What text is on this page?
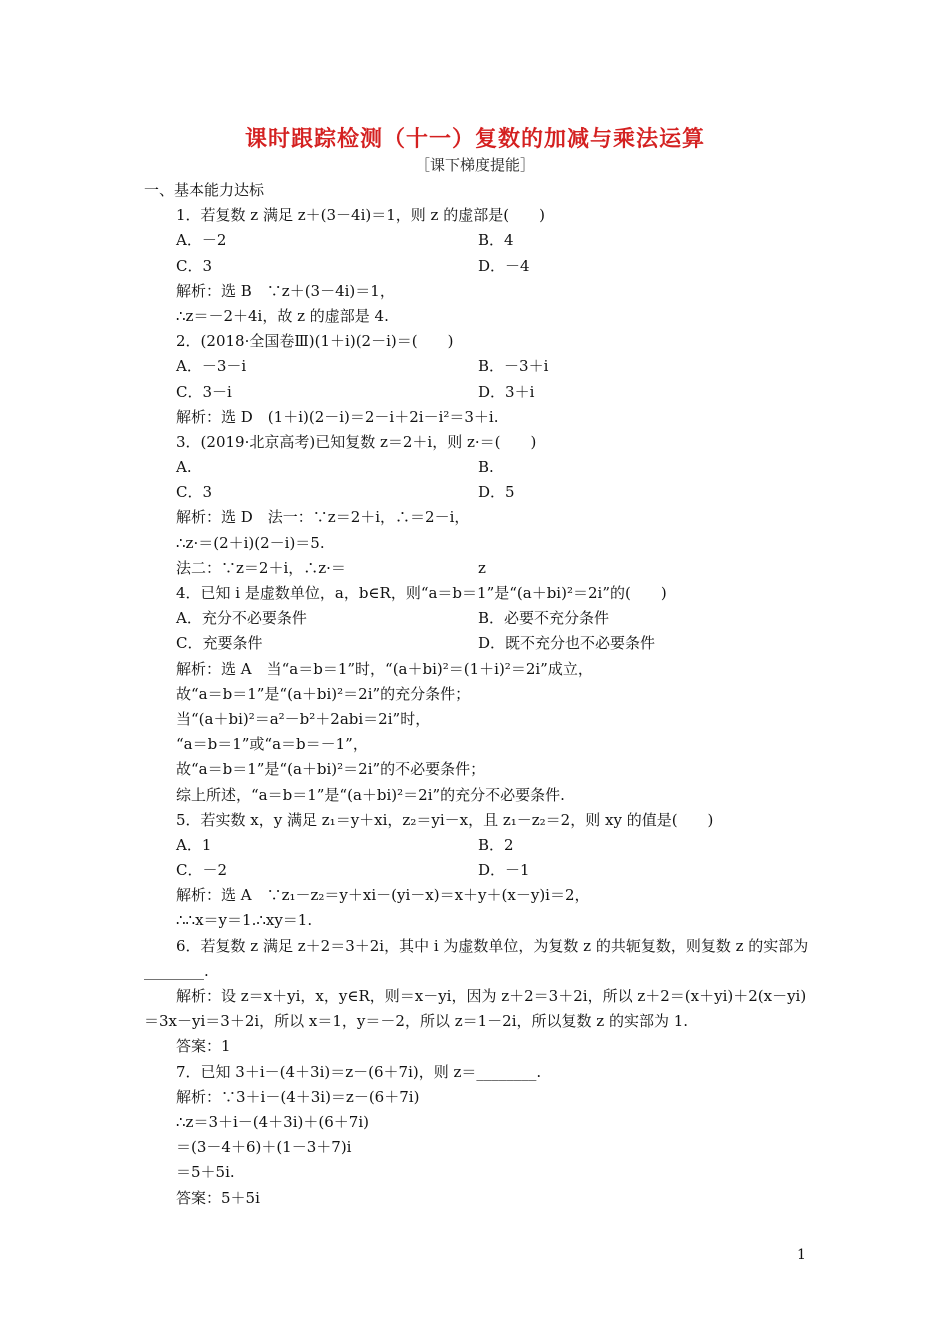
课时跟踪检测（十一）复数的加减与乘法运算
［课下梯度提能］
一、基本能力达标
1．若复数 z 满足 z＋(3－4i)＝1，则 z 的虚部是(　　)
A．－2	B．4
C．3	D．－4
解析：选 B　∵z＋(3－4i)＝1，
∴z＝－2＋4i，故 z 的虚部是 4.
2．(2018·全国卷Ⅲ)(1＋i)(2－i)＝(　　)
A．－3－i	B．－3＋i
C．3－i	D．3＋i
解析：选 D　(1＋i)(2－i)＝2－i＋2i－i²＝3＋i.
3．(2019·北京高考)已知复数 z＝2＋i，则 z·＝(　　)
A.	B.
C．3	D．5
解析：选 D　法一：∵z＝2＋i，∴＝2－i，
∴z·＝(2＋i)(2－i)＝5.
法二：∵z＝2＋i，∴z·＝	z
4．已知 i 是虚数单位，a，b∈R，则“a＝b＝1”是“(a＋bi)²＝2i”的(　　)
A．充分不必要条件	B．必要不充分条件
C．充要条件	D．既不充分也不必要条件
解析：选 A　当“a＝b＝1”时，“(a＋bi)²＝(1＋i)²＝2i”成立，
故“a＝b＝1”是“(a＋bi)²＝2i”的充分条件；
当“(a＋bi)²＝a²－b²＋2abi＝2i”时，
“a＝b＝1”或“a＝b＝－1”，
故“a＝b＝1”是“(a＋bi)²＝2i”的不必要条件；
综上所述，“a＝b＝1”是“(a＋bi)²＝2i”的充分不必要条件.
5．若实数 x，y 满足 z₁＝y＋xi，z₂＝yi－x，且 z₁－z₂＝2，则 xy 的值是(　　)
A．1	B．2
C．－2	D．－1
解析：选 A　∵z₁－z₂＝y＋xi－(yi－x)＝x＋y＋(x－y)i＝2，
∴∴x＝y＝1.∴xy＝1.
6．若复数 z 满足 z＋2＝3＋2i，其中 i 为虚数单位，为复数 z 的共轭复数，则复数 z 的实部为________.
解析：设 z＝x＋yi，x，y∈R，则＝x－yi，因为 z＋2＝3＋2i，所以 z＋2＝(x＋yi)＋2(x－yi)＝3x－yi＝3＋2i，所以 x＝1，y＝－2，所以 z＝1－2i，所以复数 z 的实部为 1.
答案：1
7．已知 3＋i－(4＋3i)＝z－(6＋7i)，则 z＝________.
解析：∵3＋i－(4＋3i)＝z－(6＋7i)
∴z＝3＋i－(4＋3i)＋(6＋7i)
＝(3－4＋6)＋(1－3＋7)i
＝5＋5i.
答案：5＋5i
1
